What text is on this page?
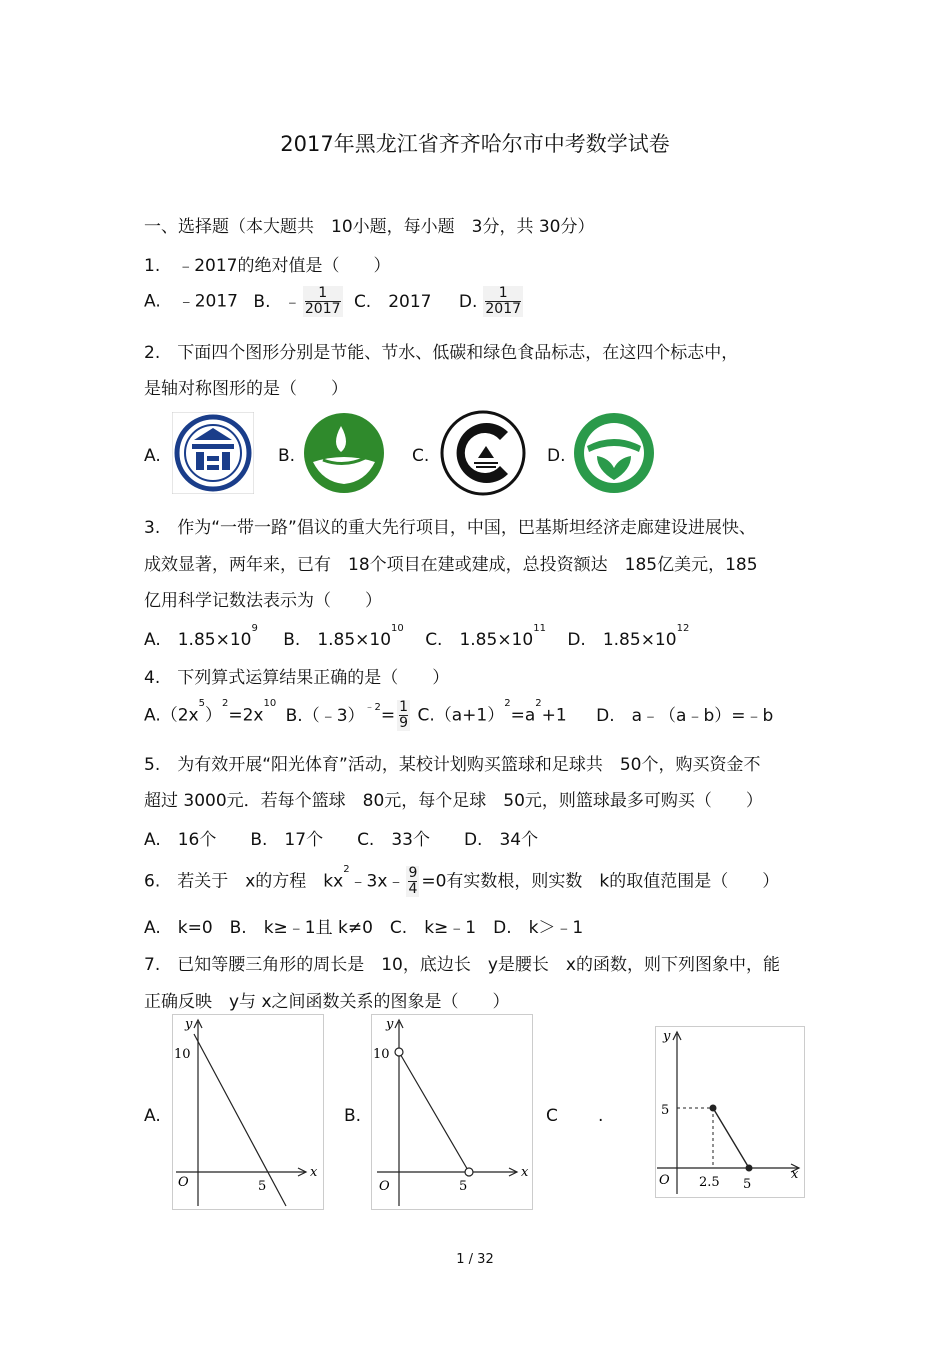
2017年黑龙江省齐齐哈尔市中考数学试卷
一、选择题（本大题共　10小题，每小题　3分，共 30分）
1.　﹣2017的绝对值是（　　）
A.　﹣2017 B. ﹣ $\frac{1}{2017} C$.　2017 D. $\frac{1}{2017}$
2.　下面四个图形分别是节能、节水、低碳和绿色食品标志，在这四个标志中，
是轴对称图形的是（　　）
A.	B.	C.	D.
3.　作为“一带一路”倡议的重大先行项目，中国，巴基斯坦经济走廊建设进展快、
成效显著，两年来，已有　18个项目在建或建成，总投资额达　185亿美元，185
亿用科学记数法表示为（　　）
A.　$1.85\times 10^9$ B.　$1.85\times 10^{10}$ C.　$1.85\times 10^{11}$ D.　$1.85\times 10^{12}$
4.　下列算式运算结果正确的是（　　）
$A.(2x^5)^2=2x^{10}$ B.（﹣3）$^{﹣2}$= $\frac{1}{9} C.(a+1)^2=a^2+1$ D.　a﹣（a﹣b）=﹣b
5.　为有效开展“阳光体育”活动，某校计划购买篮球和足球共　50个，购买资金不
超过 3000元．若每个篮球　80元，每个足球　50元，则篮球最多可购买（　　）
A.　16个　　B.　17个　　C.　33个　　D.　34个
6.　若关于　x的方程　$kx^2﹣3x﹣ \frac{9}{4} =0$有实数根，则实数　k的取值范围是（　　）
A.　k=0　B.　k≥﹣1且 k≠0　C.　k≥﹣1　D.　k＞﹣1
7.　已知等腰三角形的周长是　10，底边长　y是腰长　x的函数，则下列图象中，能
正确反映　y与 x之间函数关系的图象是（　　）
A.
y
x
O
10
5
B.
y
x
O
10
5
C .
y
x
O
5
2.5 5
1 / 32
